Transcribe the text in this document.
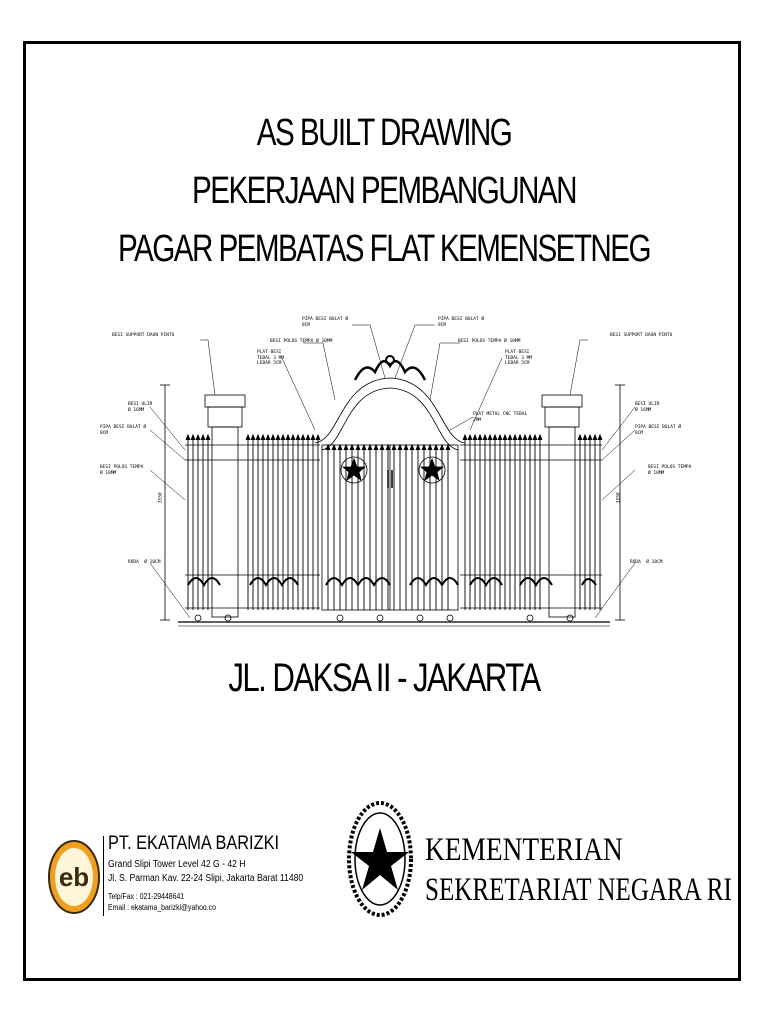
AS BUILT DRAWING
PEKERJAAN PEMBANGUNAN
PAGAR PEMBATAS FLAT KEMENSETNEG
BESI SUPPORT DAUN PINTU	BESI SUPPORT DAUN PINTU
PIPA BESI BULAT Ø
8CM
PIPA BESI BULAT Ø
8CM
BESI POLOS TEMPA Ø 10MM	BESI POLOS TEMPA Ø 10MM
PLAT BESI
TEBAL 3 MM
LEBAR 5CM
PLAT BESI
TEBAL 3 MM
LEBAR 5CM
PLAT METAL CNC TEBAL
2MM
BESI ULIR
Ø 16MM
BESI ULIR
Ø 16MM
PIPA BESI BULAT Ø
8CM
PIPA BESI BULAT Ø
8CM
BESI POLOS TEMPA
Ø 10MM
BESI POLOS TEMPA
Ø 10MM
RODA  Ø 10CM	RODA  Ø 10CM
3550	3550
JL. DAKSA II - JAKARTA
eb
PT. EKATAMA BARIZKI
Grand Slipi Tower Level 42 G - 42 H
Jl. S. Parman Kav. 22-24 Slipi, Jakarta Barat 11480
Telp/Fax : 021-29448641
Email : ekatama_barizki@yahoo.co
KEMENTERIAN
SEKRETARIAT NEGARA RI
